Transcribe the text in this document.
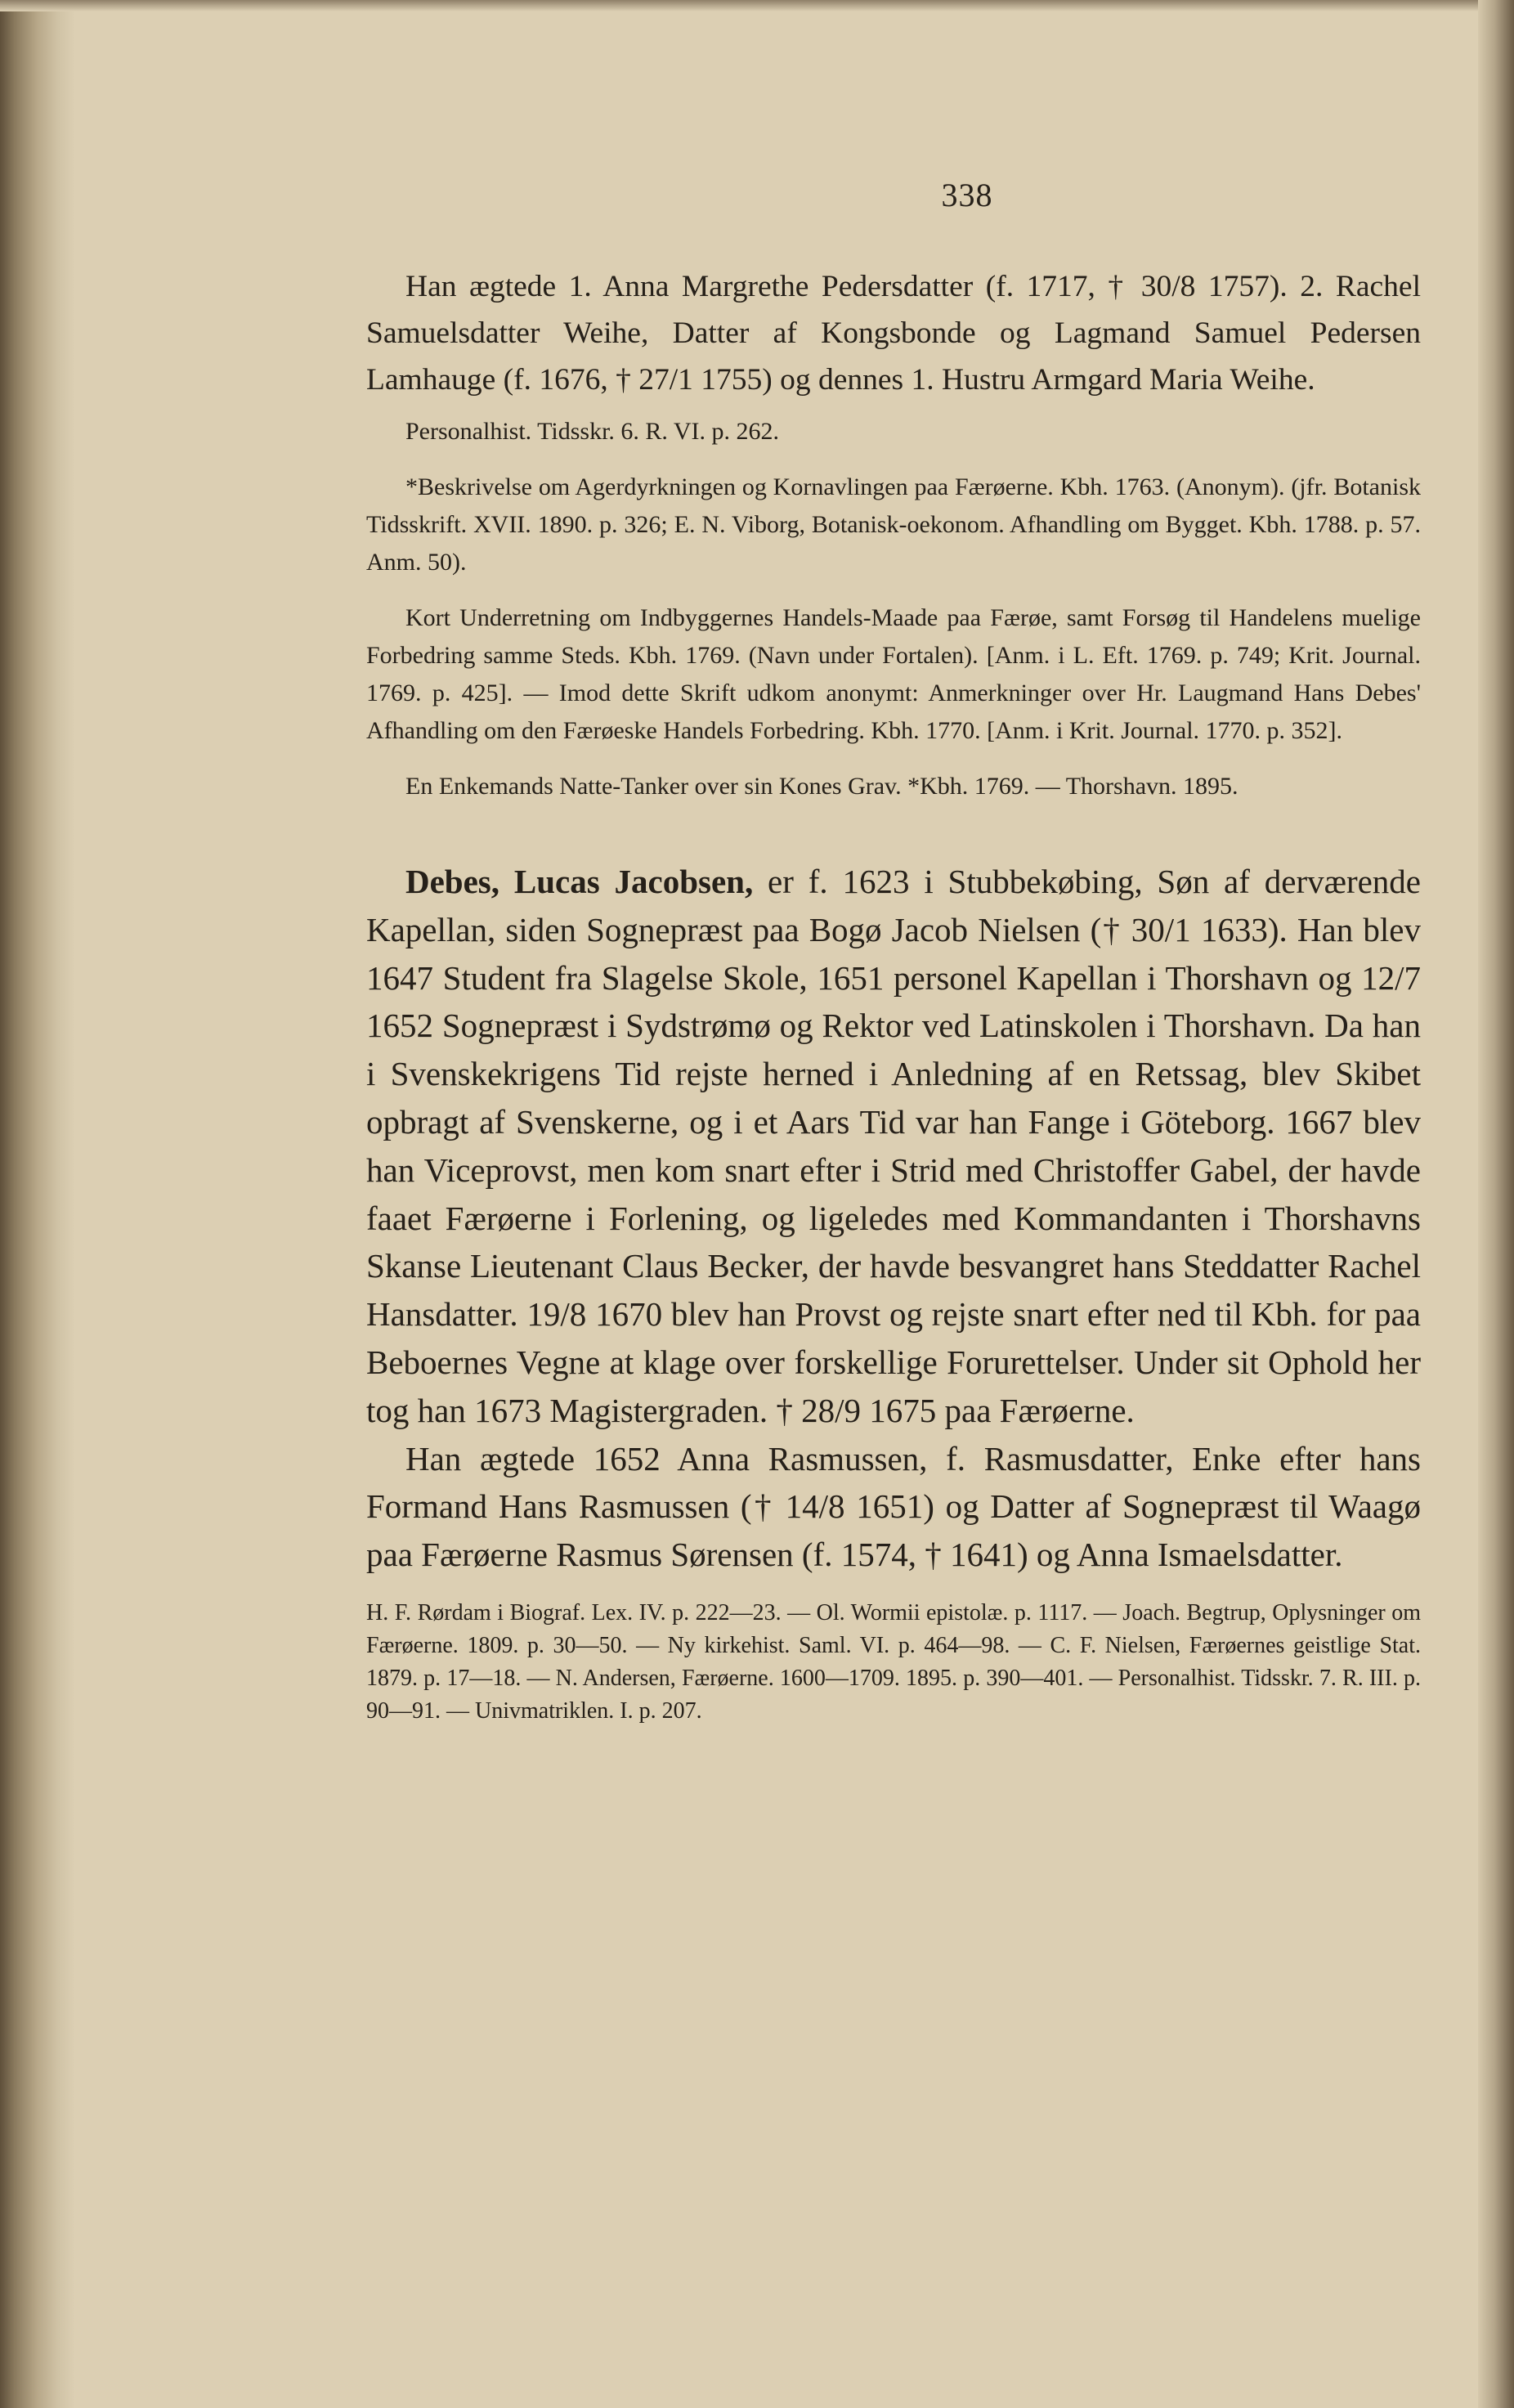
338

Han ægtede 1. Anna Margrethe Pedersdatter (f. 1717, † 30/8 1757). 2. Rachel Samuelsdatter Weihe, Datter af Kongsbonde og Lagmand Samuel Pedersen Lamhauge (f. 1676, † 27/1 1755) og dennes 1. Hustru Armgard Maria Weihe.

Personalhist. Tidsskr. 6. R. VI. p. 262.

*Beskrivelse om Agerdyrkningen og Kornavlingen paa Færøerne. Kbh. 1763. (Anonym). (jfr. Botanisk Tidsskrift. XVII. 1890. p. 326; E. N. Viborg, Botanisk-oekonom. Afhandling om Bygget. Kbh. 1788. p. 57. Anm. 50).

Kort Underretning om Indbyggernes Handels-Maade paa Færøe, samt Forsøg til Handelens muelige Forbedring samme Steds. Kbh. 1769. (Navn under Fortalen). [Anm. i L. Eft. 1769. p. 749; Krit. Journal. 1769. p. 425]. — Imod dette Skrift udkom anonymt: Anmerkninger over Hr. Laugmand Hans Debes' Afhandling om den Færøeske Handels Forbedring. Kbh. 1770. [Anm. i Krit. Journal. 1770. p. 352].

En Enkemands Natte-Tanker over sin Kones Grav. *Kbh. 1769. — Thorshavn. 1895.

Debes, Lucas Jacobsen, er f. 1623 i Stubbekøbing, Søn af derværende Kapellan, siden Sognepræst paa Bogø Jacob Nielsen († 30/1 1633). Han blev 1647 Student fra Slagelse Skole, 1651 personel Kapellan i Thorshavn og 12/7 1652 Sognepræst i Sydstrømø og Rektor ved Latinskolen i Thorshavn. Da han i Svenskekrigens Tid rejste herned i Anledning af en Retssag, blev Skibet opbragt af Svenskerne, og i et Aars Tid var han Fange i Göteborg. 1667 blev han Viceprovst, men kom snart efter i Strid med Christoffer Gabel, der havde faaet Færøerne i Forlening, og ligeledes med Kommandanten i Thorshavns Skanse Lieutenant Claus Becker, der havde besvangret hans Steddatter Rachel Hansdatter. 19/8 1670 blev han Provst og rejste snart efter ned til Kbh. for paa Beboernes Vegne at klage over forskellige Forurettelser. Under sit Ophold her tog han 1673 Magistergraden. † 28/9 1675 paa Færøerne.

Han ægtede 1652 Anna Rasmussen, f. Rasmusdatter, Enke efter hans Formand Hans Rasmussen († 14/8 1651) og Datter af Sognepræst til Waagø paa Færøerne Rasmus Sørensen (f. 1574, † 1641) og Anna Ismaelsdatter.

H. F. Rørdam i Biograf. Lex. IV. p. 222—23. — Ol. Wormii epistolæ. p. 1117. — Joach. Begtrup, Oplysninger om Færøerne. 1809. p. 30—50. — Ny kirkehist. Saml. VI. p. 464—98. — C. F. Nielsen, Færøernes geistlige Stat. 1879. p. 17—18. — N. Andersen, Færøerne. 1600—1709. 1895. p. 390—401. — Personalhist. Tidsskr. 7. R. III. p. 90—91. — Univmatriklen. I. p. 207.
